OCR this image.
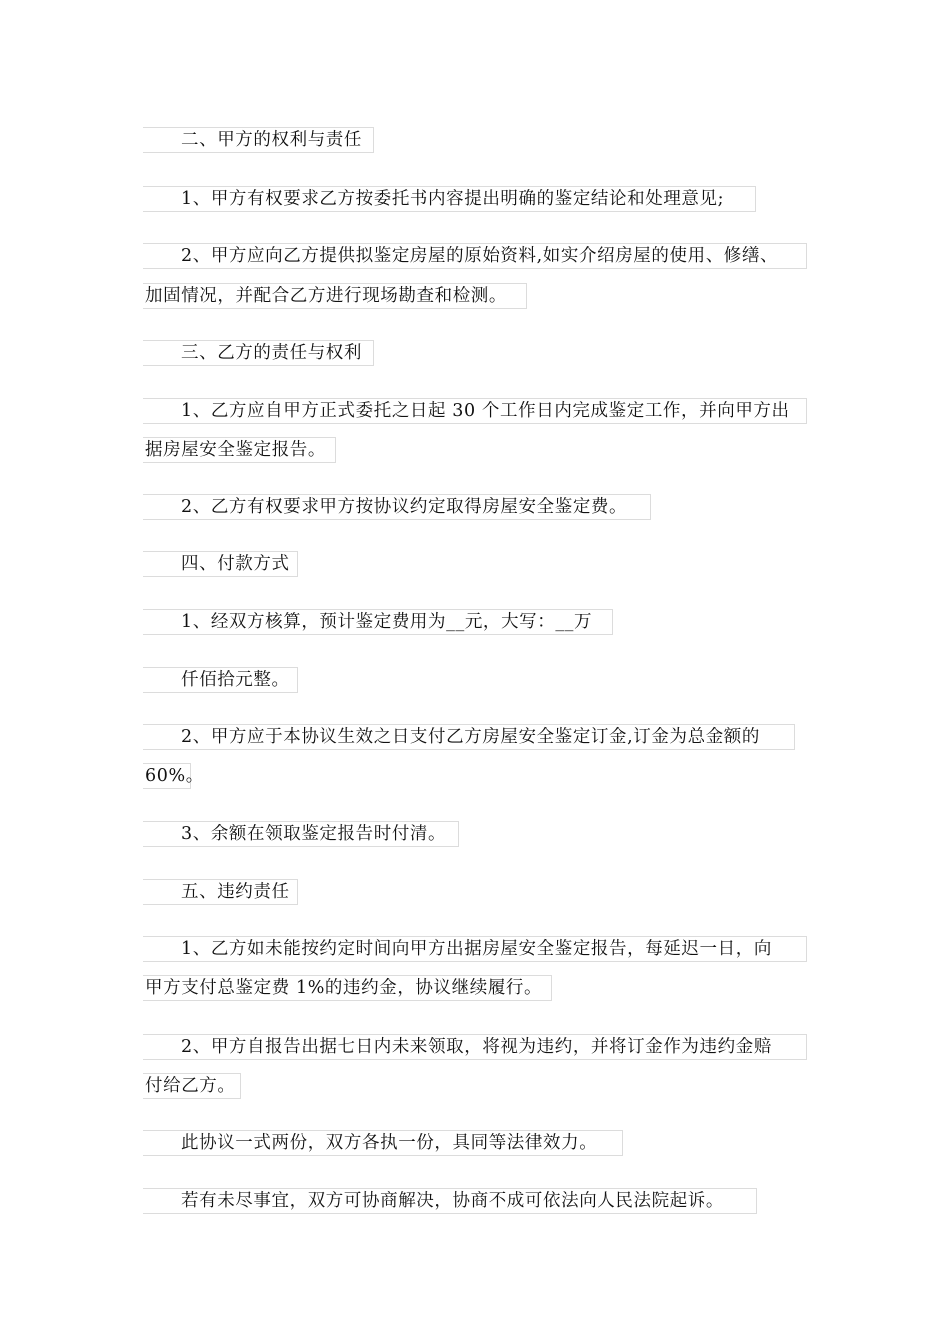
二、甲方的权利与责任
1、甲方有权要求乙方按委托书内容提出明确的鉴定结论和处理意见;
2、甲方应向乙方提供拟鉴定房屋的原始资料,如实介绍房屋的使用、修缮、
加固情况，并配合乙方进行现场勘查和检测。
三、乙方的责任与权利
1、乙方应自甲方正式委托之日起 30 个工作日内完成鉴定工作，并向甲方出
据房屋安全鉴定报告。
2、乙方有权要求甲方按协议约定取得房屋安全鉴定费。
四、付款方式
1、经双方核算，预计鉴定费用为__元，大写：__万
仟佰拾元整。
2、甲方应于本协议生效之日支付乙方房屋安全鉴定订金,订金为总金额的
60%。
3、余额在领取鉴定报告时付清。
五、违约责任
1、乙方如未能按约定时间向甲方出据房屋安全鉴定报告，每延迟一日，向
甲方支付总鉴定费 1%的违约金，协议继续履行。
2、甲方自报告出据七日内未来领取，将视为违约，并将订金作为违约金赔
付给乙方。
此协议一式两份，双方各执一份，具同等法律效力。
若有未尽事宜，双方可协商解决，协商不成可依法向人民法院起诉。
